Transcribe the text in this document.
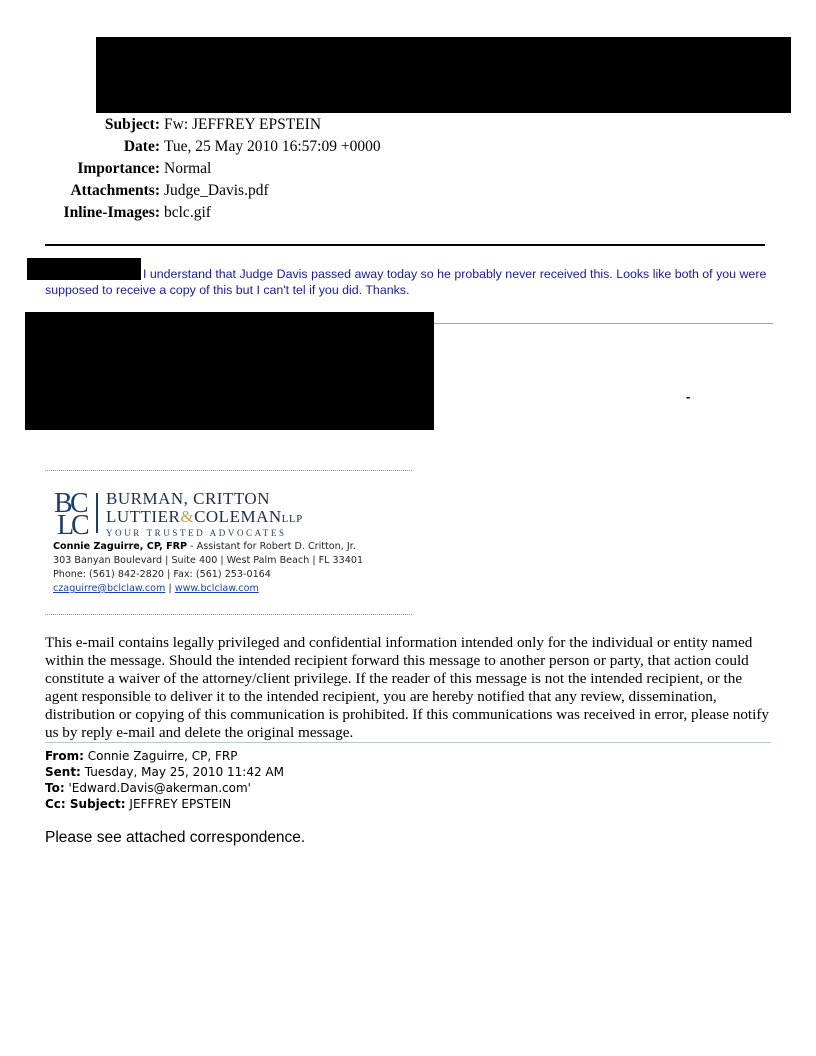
Subject: Fw: JEFFREY EPSTEIN
Date: Tue, 25 May 2010 16:57:09 +0000
Importance: Normal
Attachments: Judge_Davis.pdf
Inline-Images: bclc.gif
I understand that Judge Davis passed away today so he probably never received this. Looks like both of you were supposed to receive a copy of this but I can't tel if you did. Thanks.
-
B
C
L
C
BURMAN, CRITTON
LUTTIER&COLEMANLLP
YOUR TRUSTED ADVOCATES
Connie Zaguirre, CP, FRP - Assistant for Robert D. Critton, Jr.
303 Banyan Boulevard | Suite 400 | West Palm Beach | FL 33401
Phone: (561) 842-2820 | Fax: (561) 253-0164
czaguirre@bclclaw.com | www.bclclaw.com
This e-mail contains legally privileged and confidential information intended only for the individual or entity named within the message. Should the intended recipient forward this message to another person or party, that action could constitute a waiver of the attorney/client privilege. If the reader of this message is not the intended recipient, or the agent responsible to deliver it to the intended recipient, you are hereby notified that any review, dissemination, distribution or copying of this communication is prohibited. If this communications was received in error, please notify us by reply e-mail and delete the original message.
From: Connie Zaguirre, CP, FRP
Sent: Tuesday, May 25, 2010 11:42 AM
To: 'Edward.Davis@akerman.com'
Cc: Subject: JEFFREY EPSTEIN
Please see attached correspondence.
